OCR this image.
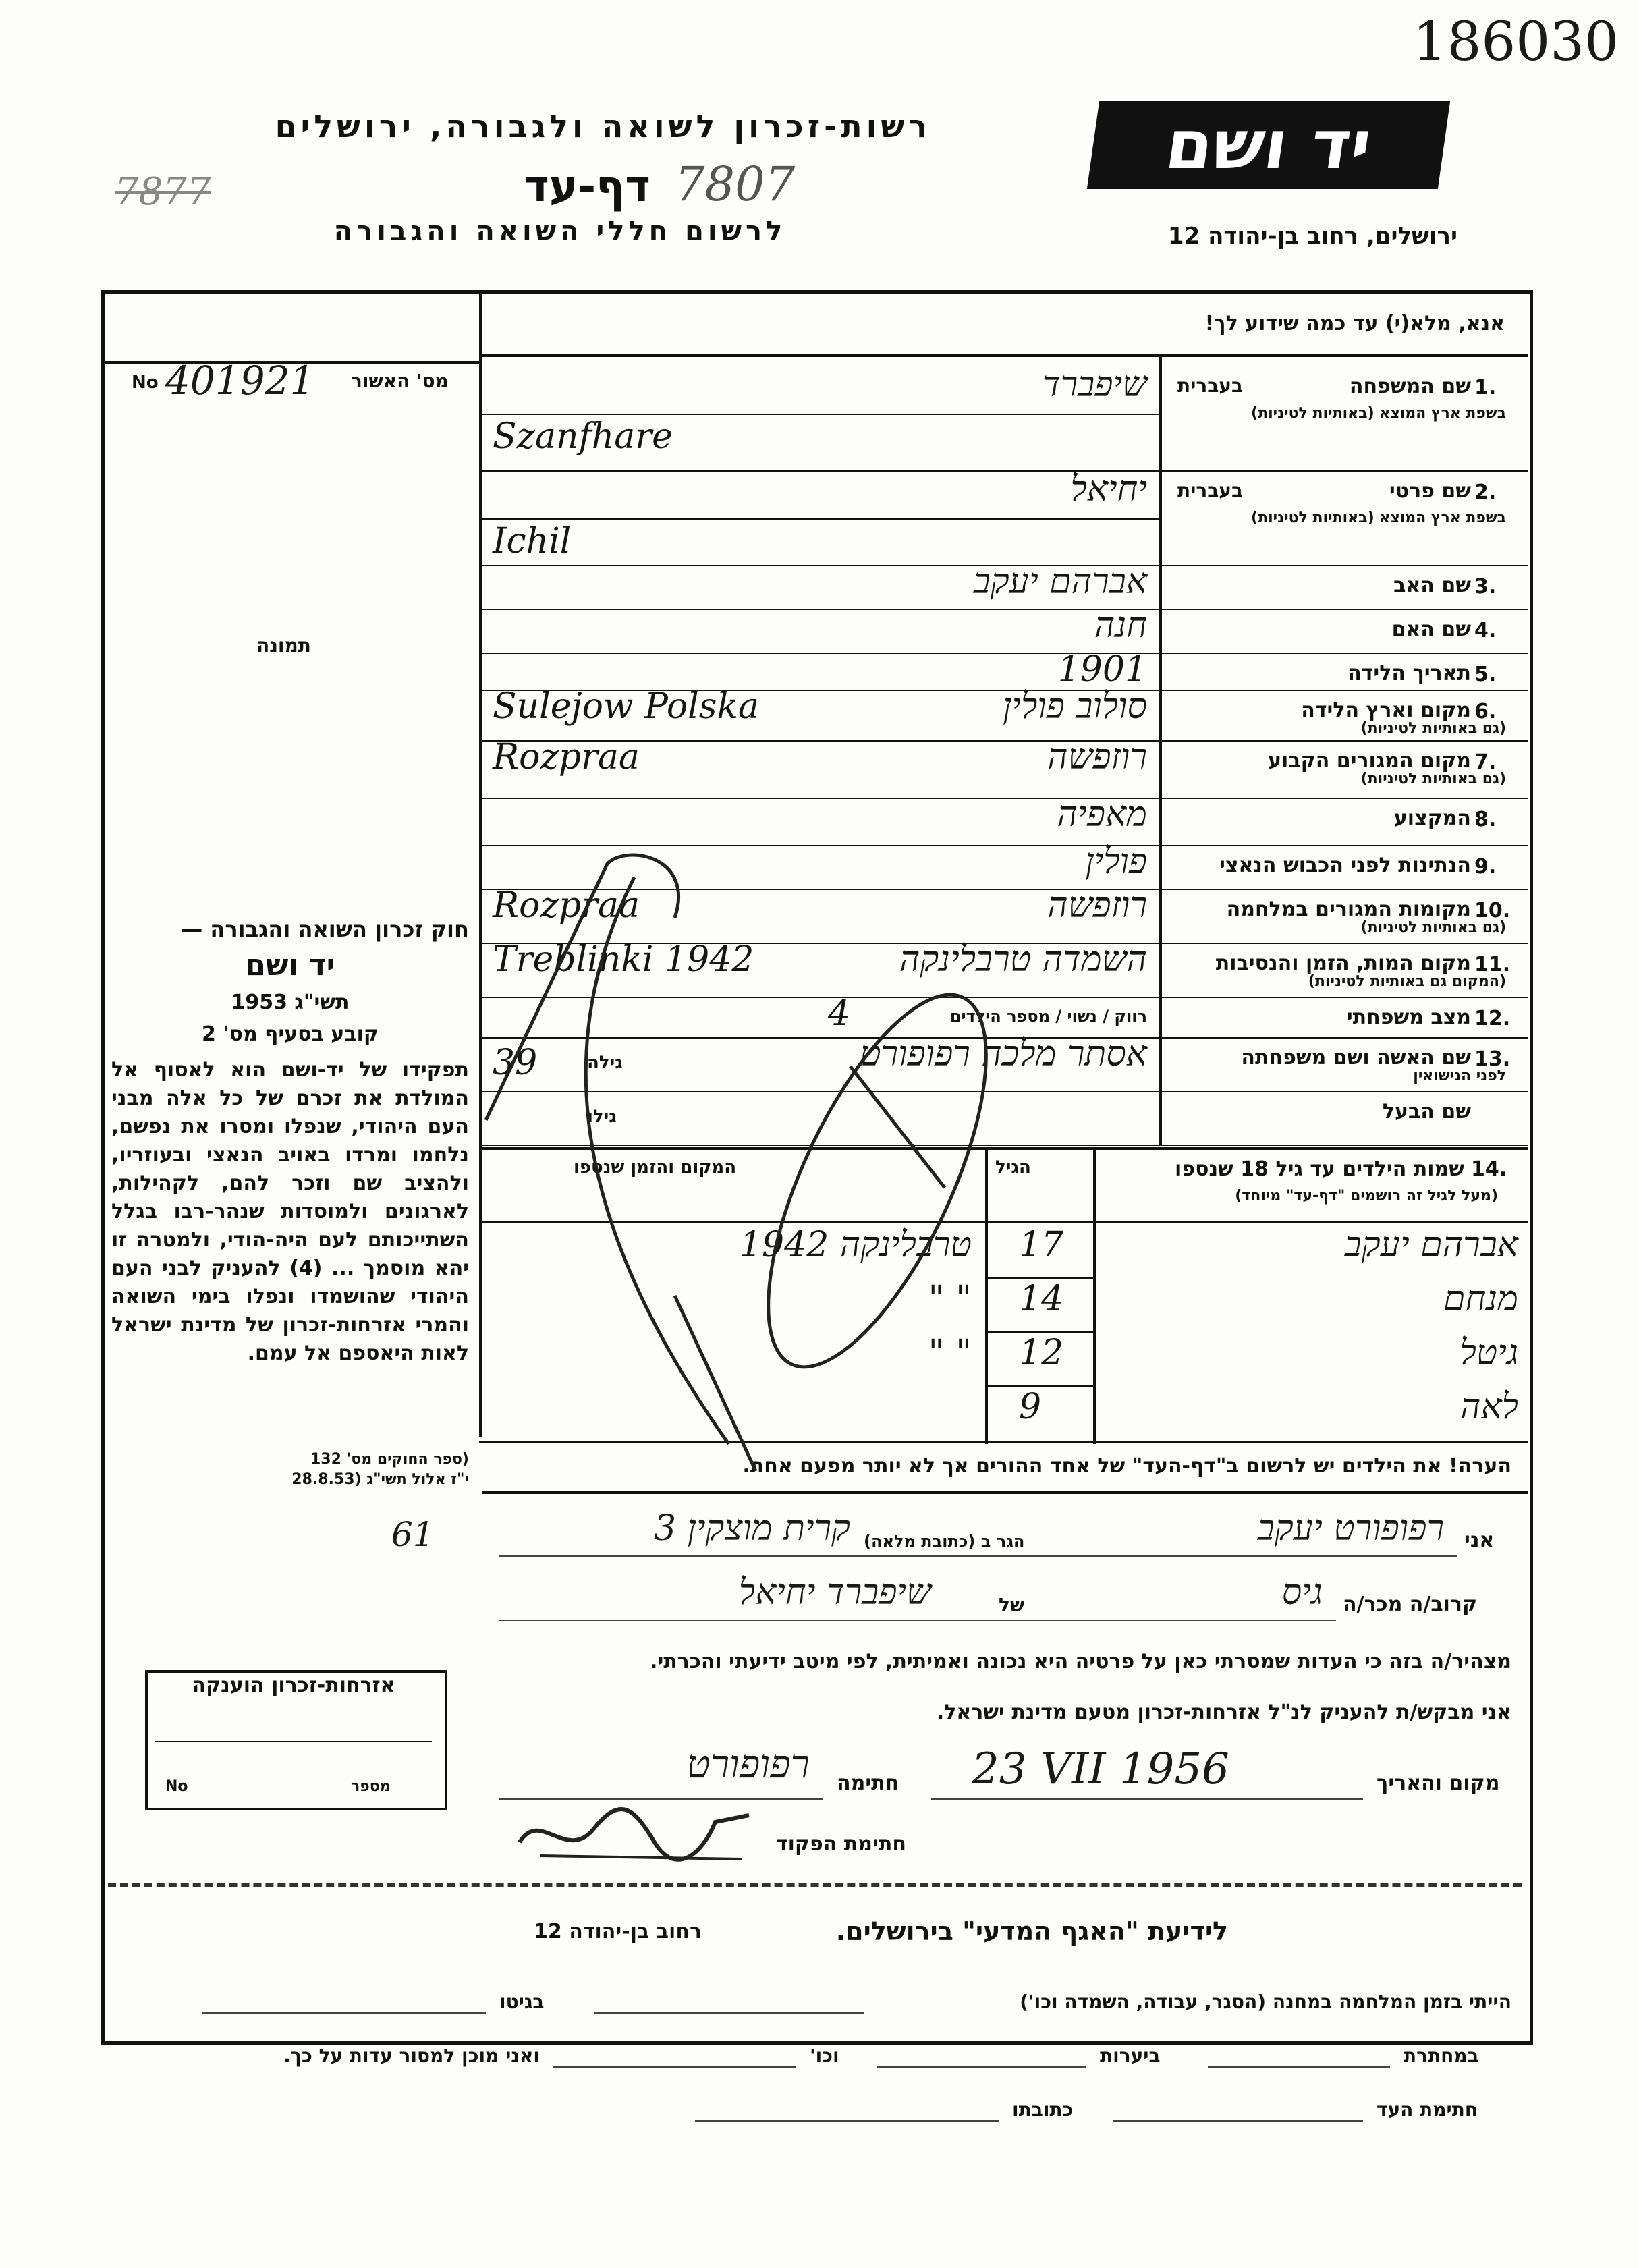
186030
רשות-זכרון לשואה ולגבורה, ירושלים
דף-עד 7807
7877
לרשום חללי השואה והגבורה
יד ושם
ירושלים, רחוב בן-יהודה 12
מס' האשור
No 401921
תמונה
חוק זכרון השואה והגבורה —
יד ושם
תשי"ג 1953
קובע בסעיף מס' 2
תפקידו של יד-ושם הוא לאסוף אל המולדת את זכרם של כל אלה מבני העם היהודי, שנפלו ומסרו את נפשם, נלחמו ומרדו באויב הנאצי ובעוזריו, ולהציב שם וזכר להם, לקהילות, לארגונים ולמוסדות שנהר-רבו בגלל השתייכותם לעם היה-הודי, ולמטרה זו יהא מוסמך ... (4) להעניק לבני העם היהודי שהושמדו ונפלו בימי השואה והמרי אזרחות-זכרון של מדינת ישראל לאות היאספם אל עמם.
(ספר החוקים מס' 132
י"ז אלול תשי"ג (28.8.53
אזרחות-זכרון הוענקה
מספר
No
אנא, מלא(י) עד כמה שידוע לך!
1.
שם המשפחה
בשפת ארץ המוצא (באותיות לטיניות)
בעברית
שיפברד
Szanfhare
2.
שם פרטי
בשפת ארץ המוצא (באותיות לטיניות)
בעברית
יחיאל
Ichil
3.
שם האב
אברהם יעקב
4.
שם האם
חנה
5.
תאריך הלידה
1901
6.
מקום וארץ הלידה
(גם באותיות לטיניות)
סולוב פולין
Sulejow Polska
7.
מקום המגורים הקבוע
(גם באותיות לטיניות)
רוזפשה
Rozpraa
8.
המקצוע
מאפיה
9.
הנתינות לפני הכבוש הנאצי
פולין
10.
מקומות המגורים במלחמה
(גם באותיות לטיניות)
רוזפשה
Rozpraa
11.
מקום המות, הזמן והנסיבות
(המקום גם באותיות לטיניות)
השמדה טרבלינקה
Treblinki 1942
12.
מצב משפחתי
רווק / נשוי / מספר הילדים
4
13.
שם האשה ושם משפחתה
לפני הנישואין
גילה
39	אסתר מלכה רפופורט
שם הבעל
גילו
שמות הילדים עד גיל 18 שנספו 14.
(מעל לגיל זה רושמים "דף-עד" מיוחד)
הגיל
המקום והזמן שנספו
אברהם יעקב
17
טרבלינקה 1942
מנחם
14
" "
גיטל
12
" "
לאה
9
הערה! את הילדים יש לרשום ב"דף-העד" של אחד ההורים אך לא יותר מפעם אחת.
אני
רפופורט יעקב
הגר ב (כתובת מלאה)
קרית מוצקין 3
61
קרוב/ה מכר/ה
גיס
של
שיפברד יחיאל
מצהיר/ה בזה כי העדות שמסרתי כאן על פרטיה היא נכונה ואמיתית, לפי מיטב ידיעתי והכרתי.
אני מבקש/ת להעניק לנ"ל אזרחות-זכרון מטעם מדינת ישראל.
מקום והאריך
23 VII 1956
חתימה
רפופורט
חתימת הפקוד
לידיעת "האגף המדעי" בירושלים.
רחוב בן-יהודה 12
הייתי בזמן המלחמה במחנה (הסגר, עבודה, השמדה וכו')
בגיטו
במחתרת
ביערות
וכו'
ואני מוכן למסור עדות על כך.
חתימת העד
כתובתו
